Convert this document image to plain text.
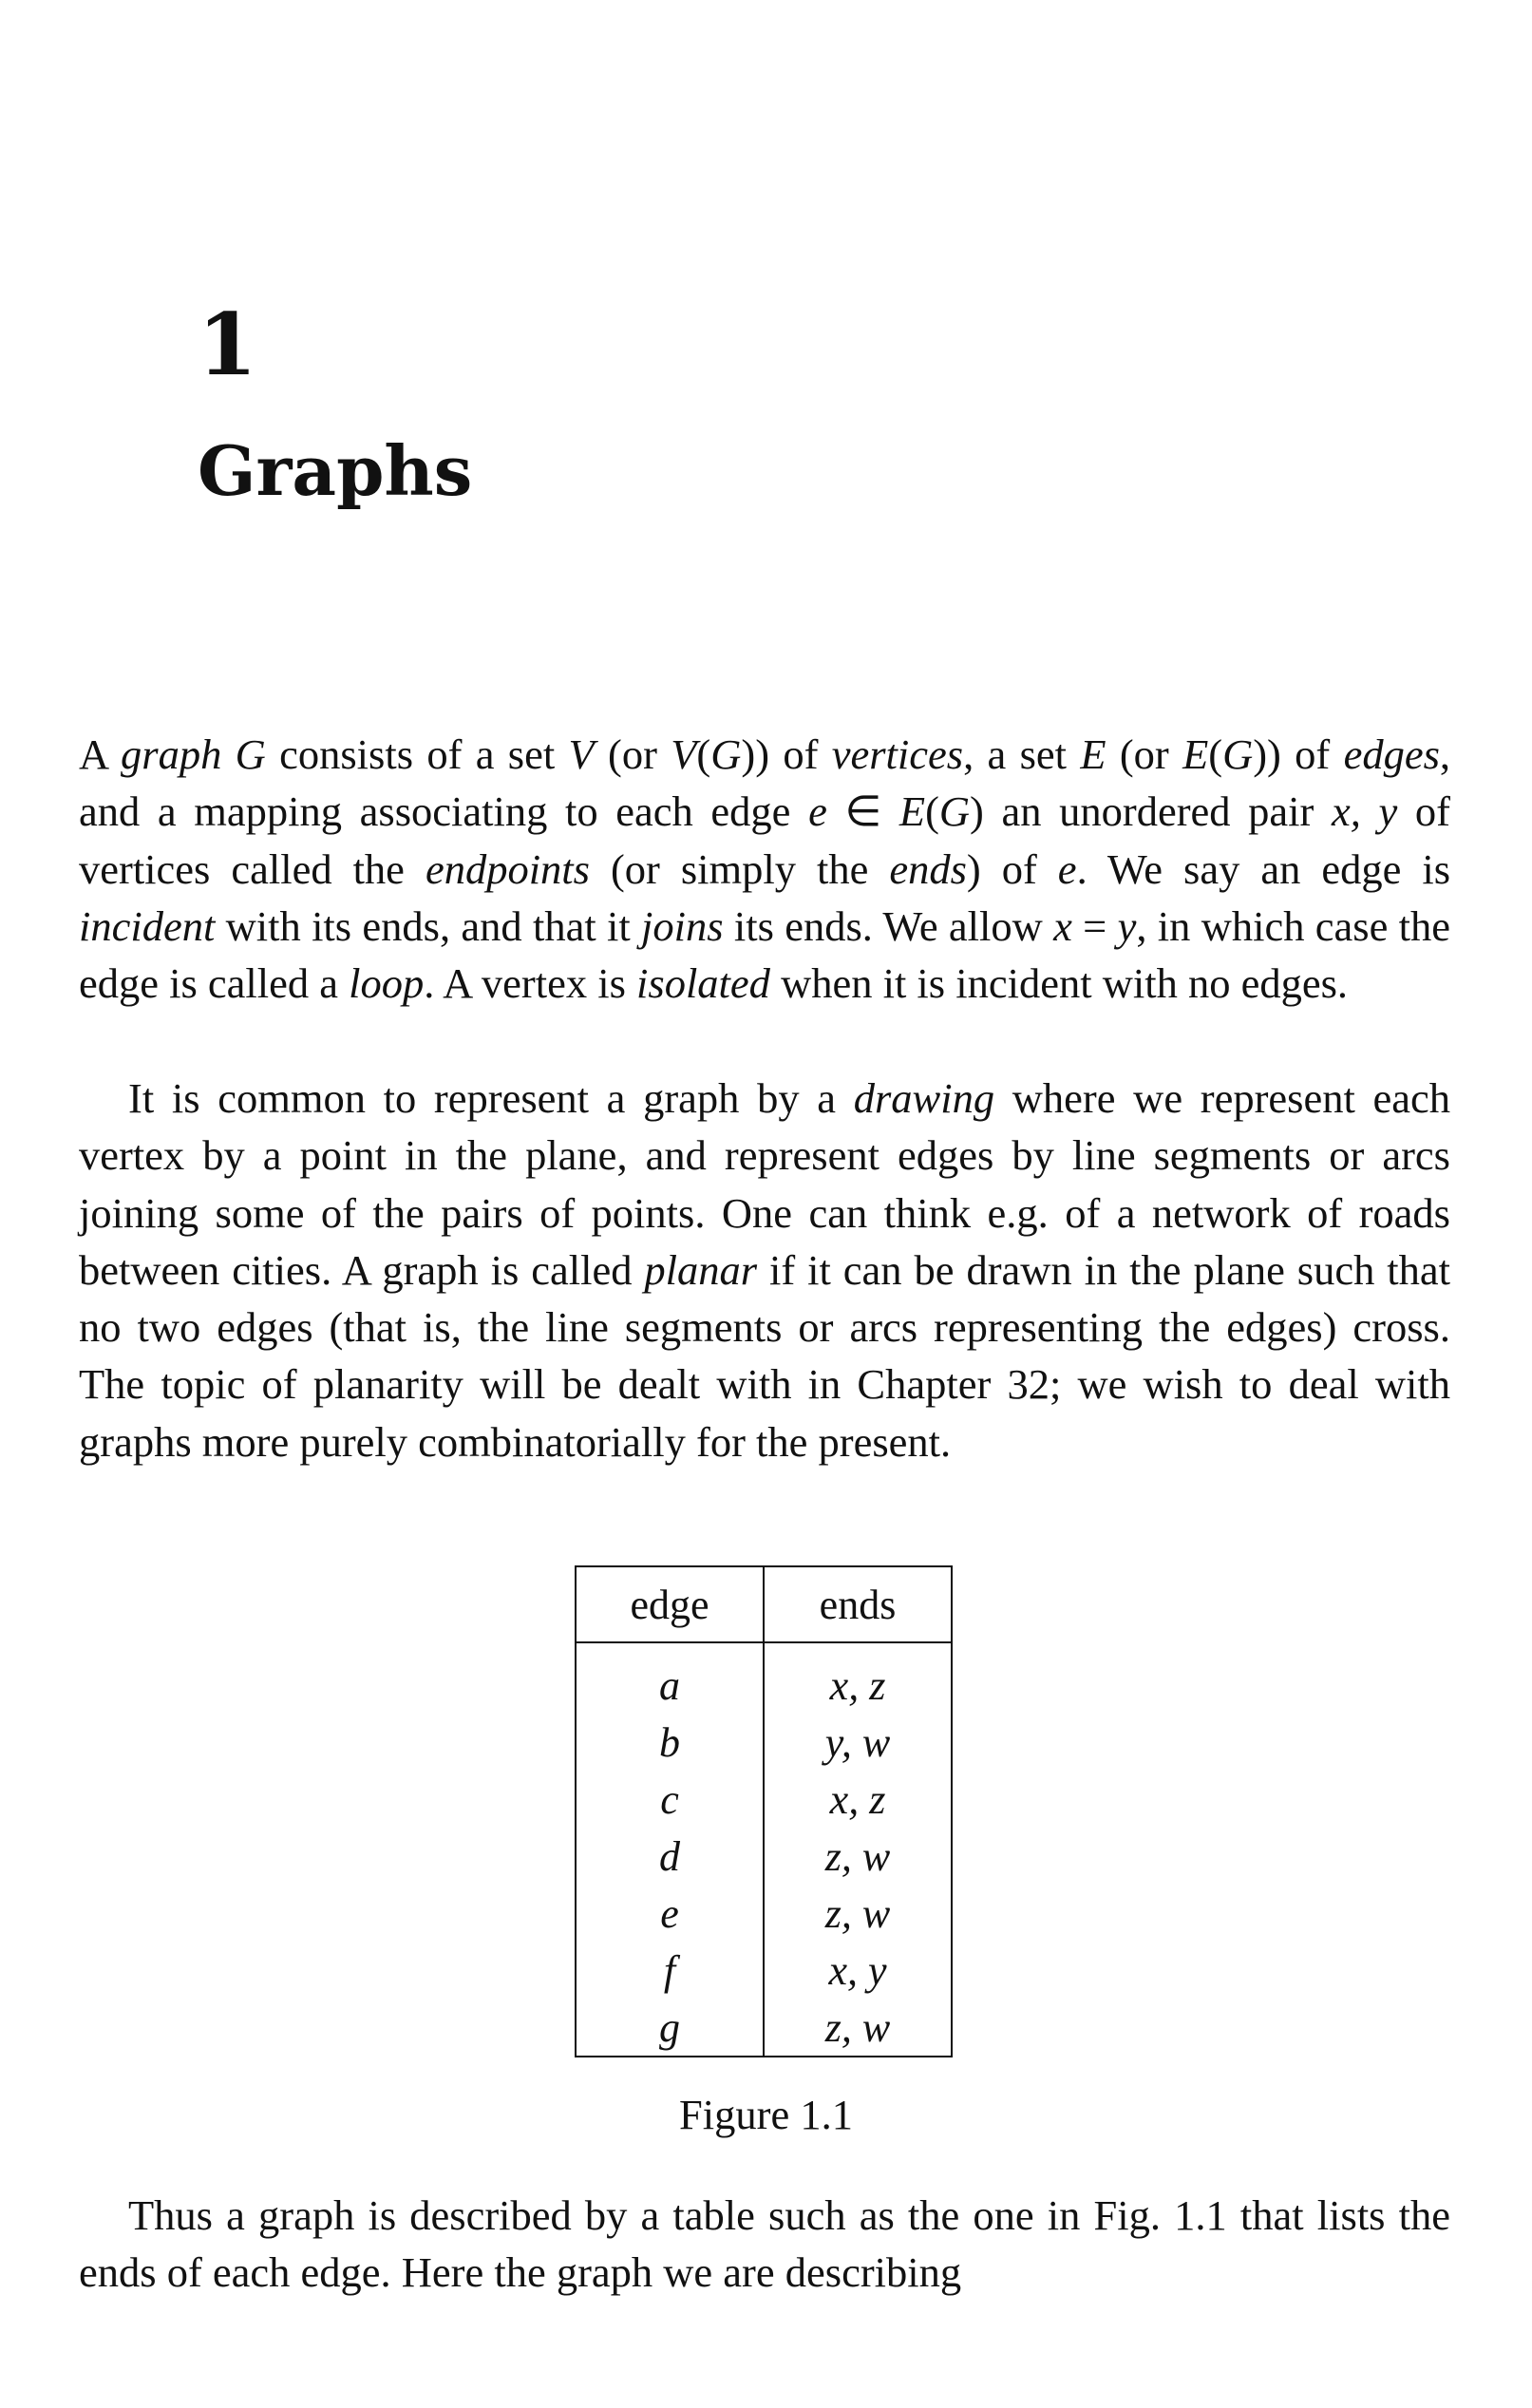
1
Graphs

A graph G consists of a set V (or V(G)) of vertices, a set E (or E(G)) of edges, and a mapping associating to each edge e ∈ E(G) an unordered pair x, y of vertices called the endpoints (or simply the ends) of e. We say an edge is incident with its ends, and that it joins its ends. We allow x = y, in which case the edge is called a loop. A vertex is isolated when it is incident with no edges.

It is common to represent a graph by a drawing where we represent each vertex by a point in the plane, and represent edges by line segments or arcs joining some of the pairs of points. One can think e.g. of a network of roads between cities. A graph is called planar if it can be drawn in the plane such that no two edges (that is, the line segments or arcs representing the edges) cross. The topic of planarity will be dealt with in Chapter 32; we wish to deal with graphs more purely combinatorially for the present.

edge	ends
a	x, z
b	y, w
c	x, z
d	z, w
e	z, w
f	x, y
g	z, w
Figure 1.1

Thus a graph is described by a table such as the one in Fig. 1.1 that lists the ends of each edge. Here the graph we are describing
